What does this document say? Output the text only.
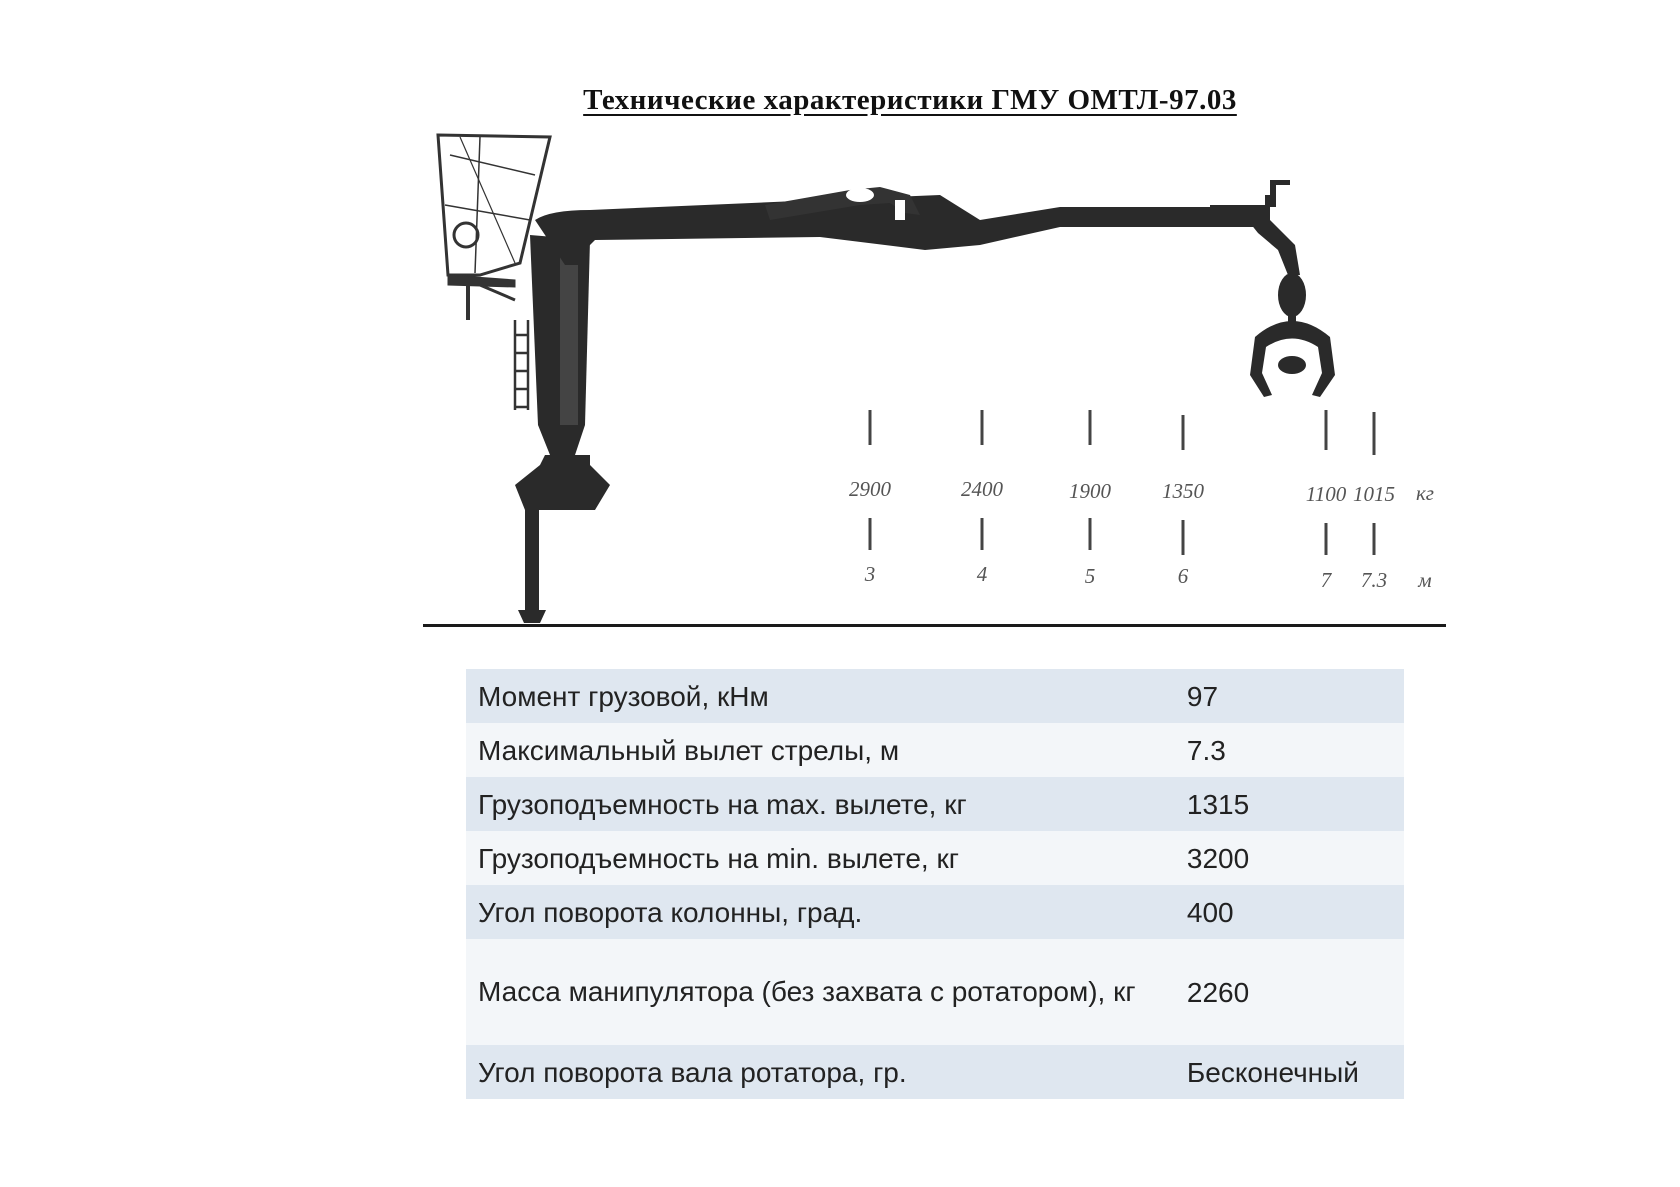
Технические характеристики ГМУ ОМТЛ-97.03
2900	2400	1900 1350	1100 1015 кг
3	4	5	6	7 7.3 м
Момент грузовой, кНм	97
Максимальный вылет стрелы, м	7.3
Грузоподъемность на max. вылете, кг	1315
Грузоподъемность на min. вылете, кг	3200
Угол поворота колонны, град.	400
Масса манипулятора (без захвата с ротатором), кг	2260
Угол поворота вала ротатора, гр.	Бесконечный
